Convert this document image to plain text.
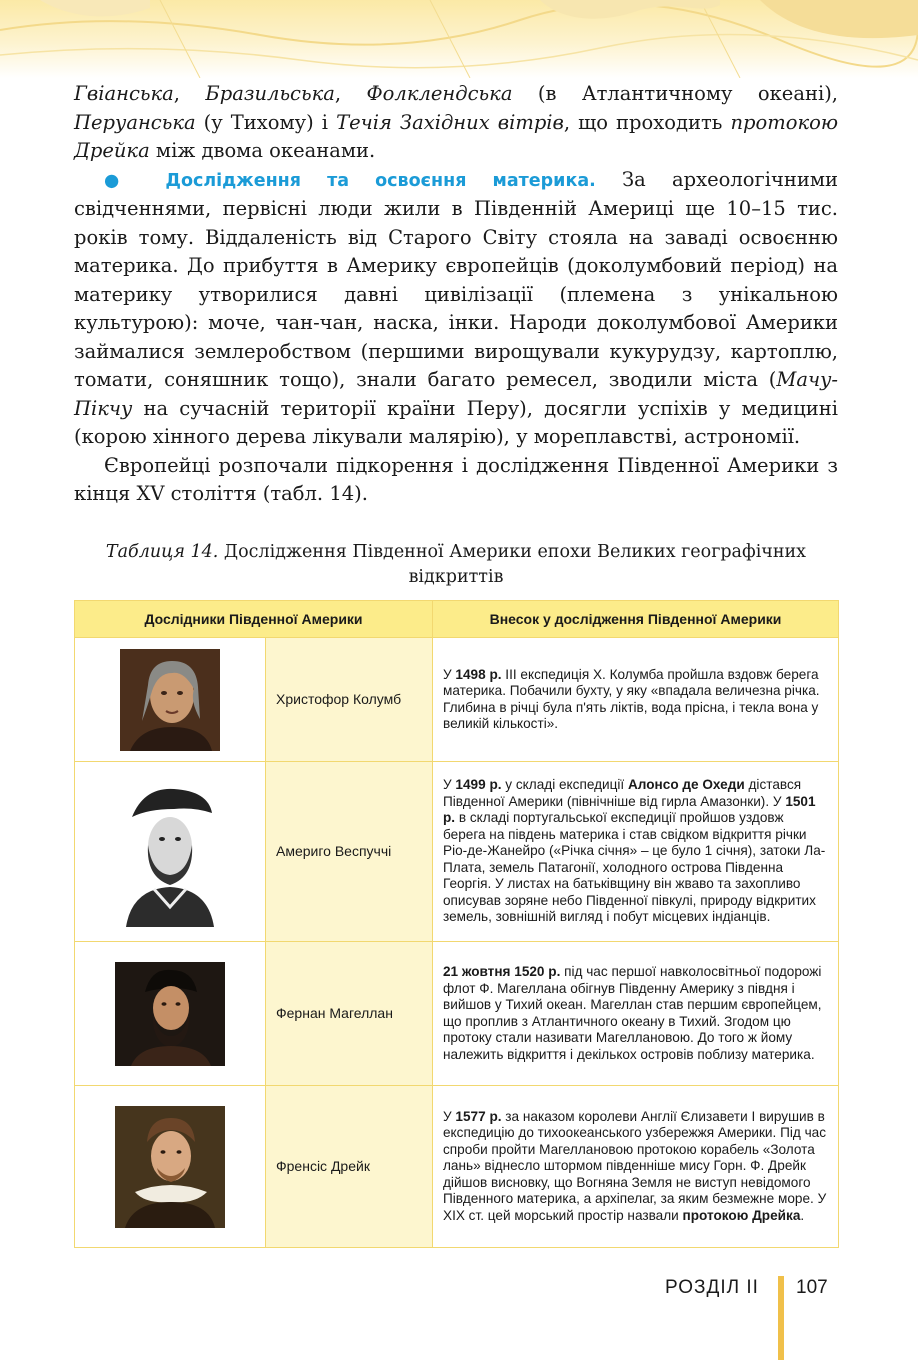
Гвіанська, Бразильська, Фолклендська (в Атлантичному океані), Перуанська (у Тихому) і Течія Західних вітрів, що проходить протокою Дрейка між двома океанами.

● Дослідження та освоєння материка. За археологічними свідченнями, первісні люди жили в Південній Америці ще 10–15 тис. років тому. Віддаленість від Старого Світу стояла на заваді освоєнню материка. До прибуття в Америку європейців (доколумбовий період) на материку утворилися давні цивілізації (племена з унікальною культурою): моче, чан-чан, наска, інки. Народи доколумбової Америки займалися землеробством (першими вирощували кукурудзу, картоплю, томати, соняшник тощо), знали багато ремесел, зводили міста (Мачу-Пікчу на сучасній території країни Перу), досягли успіхів у медицині (корою хінного дерева лікували малярію), у мореплавстві, астрономії.

Європейці розпочали підкорення і дослідження Південної Америки з кінця XV століття (табл. 14).

Таблиця 14. Дослідження Південної Америки епохи Великих географічних відкриттів
Дослідники Південної Америки		Внесок у дослідження Південної Америки
	Христофор Колумб	У 1498 р. III експедиція Х. Колумба пройшла вздовж берега материка. Побачили бухту, у яку «впадала величезна річка. Глибина в річці була п'ять ліктів, вода прісна, і текла вона у великій кількості».
	Америго Веспуччі	У 1499 р. у складі експедиції Алонсо де Охеди дістався Південної Америки (північніше від гирла Амазонки). У 1501 р. в складі португальської експедиції пройшов уздовж берега на південь материка і став свідком відкриття річки Ріо-де-Жанейро («Річка січня» – це було 1 січня), затоки Ла-Плата, земель Патагонії, холодного острова Південна Георгія. У листах на батьківщину він жваво та захопливо описував зоряне небо Південної півкулі, природу відкритих земель, зовнішній вигляд і побут місцевих індіанців.
	Фернан Магеллан	21 жовтня 1520 р. під час першої навколосвітньої подорожі флот Ф. Магеллана обігнув Південну Америку з півдня і вийшов у Тихий океан. Магеллан став першим європейцем, що проплив з Атлантичного океану в Тихий. Згодом цю протоку стали називати Магеллановою. До того ж йому належить відкриття і декількох островів поблизу материка.
	Френсіс Дрейк	У 1577 р. за наказом королеви Англії Єлизавети I вирушив в експедицію до тихоокеанського узбережжя Америки. Під час спроби пройти Магеллановою протокою корабель «Золота лань» віднесло штормом південніше мису Горн. Ф. Дрейк дійшов висновку, що Вогняна Земля не виступ невідомого Південного материка, а архіпелаг, за яким безмежне море. У XIX ст. цей морський простір назвали протокою Дрейка.
РОЗДІЛ II 107
